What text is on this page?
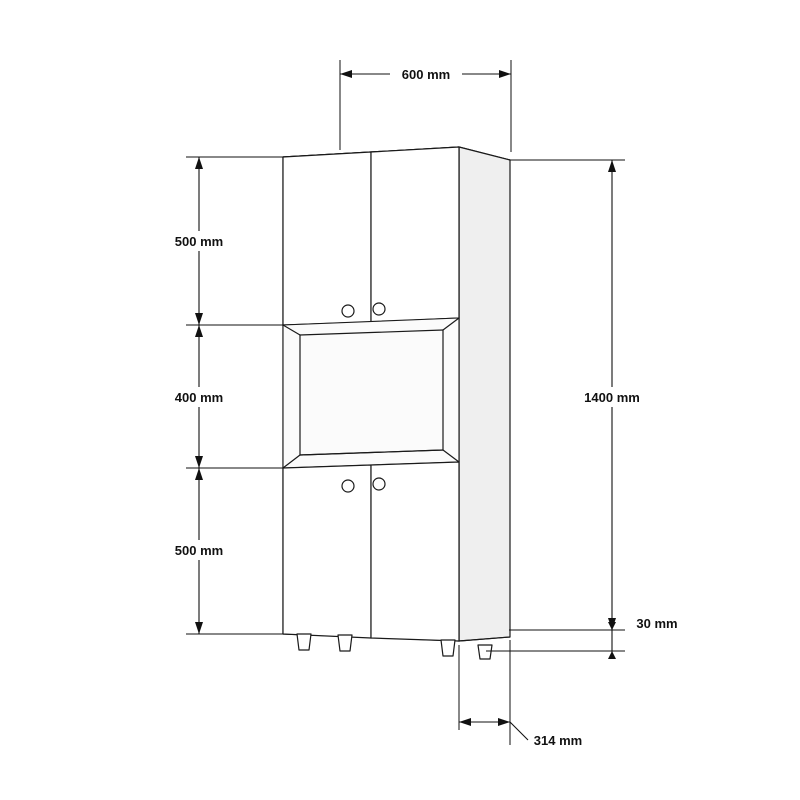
600 mm
500 mm
400 mm
500 mm
1400 mm
30 mm
314 mm
